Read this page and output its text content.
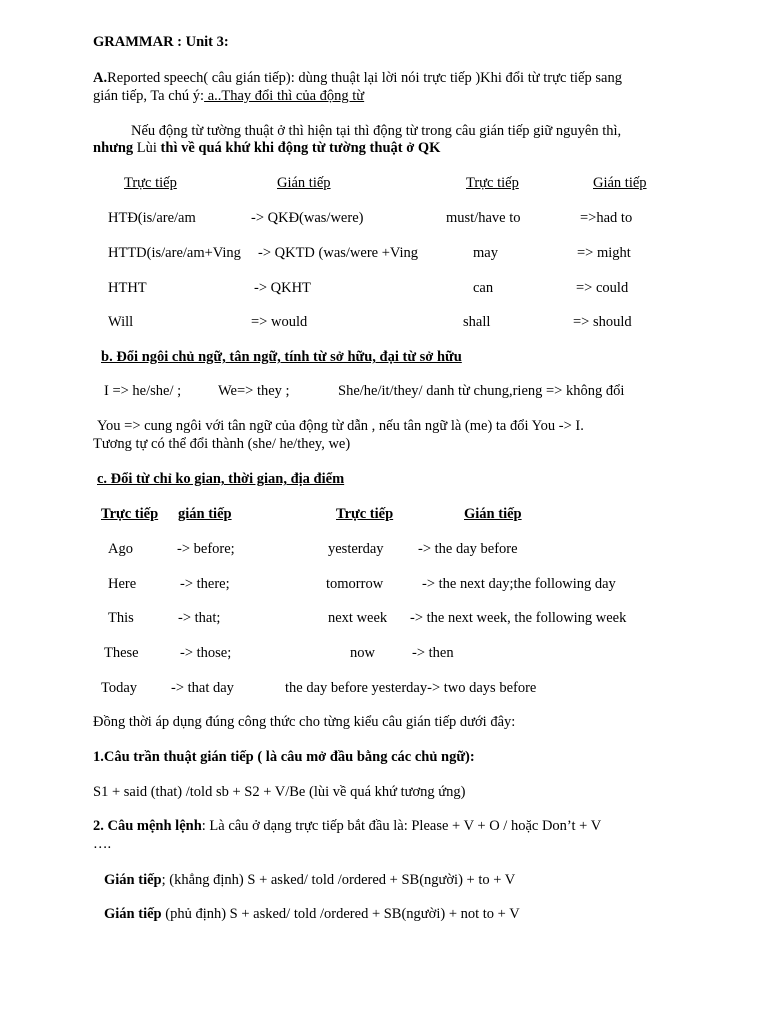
GRAMMAR : Unit 3:
A.Reported speech( câu gián tiếp): dùng thuật lại lời nói trực tiếp )Khi đổi từ trực tiếp sang
gián tiếp, Ta chú ý: a..Thay đổi thì của động từ
Nếu động từ tường thuật ở thì hiện tại thì động từ trong câu gián tiếp giữ nguyên thì,
nhưng Lùi thì về quá khứ khi động từ tường thuật ở QK
Trực tiếp	Gián tiếp	Trực tiếp	Gián tiếp
HTĐ(is/are/am	-> QKĐ(was/were)	must/have to	=>had to
HTTD(is/are/am+Ving -> QKTD (was/were +Ving	may	=> might
HTHT	-> QKHT	can	=> could
Will	=> would	shall	=> should
b. Đổi ngôi chủ ngữ, tân ngữ, tính từ sở hữu, đại từ sở hữu
I => he/she/ ;	We=> they ;	She/he/it/they/ danh từ chung,rieng => không đổi
You => cung ngôi với tân ngữ của động từ dẫn , nếu tân ngữ là (me) ta đổi You -> I.
Tương tự có thể đổi thành (she/ he/they, we)
c. Đổi từ chỉ ko gian, thời gian, địa điểm
Trực tiếp gián tiếp	Trực tiếp	Gián tiếp
Ago	-> before;	yesterday -> the day before
Here	-> there;	tomorrow	-> the next day;the following day
This	-> that;	next week -> the next week, the following week
These	-> those;	now	-> then
Today -> that day	the day before yesterday-> two days before
Đồng thời áp dụng đúng công thức cho từng kiểu câu gián tiếp dưới đây:
1.Câu trần thuật gián tiếp ( là câu mở đầu bằng các chủ ngữ):
S1 + said (that) /told sb + S2 + V/Be (lùi về quá khứ tương ứng)
2. Câu mệnh lệnh: Là câu ở dạng trực tiếp bắt đầu là: Please + V + O / hoặc Don’t + V
….
Gián tiếp; (khẳng định) S + asked/ told /ordered + SB(người) + to + V
Gián tiếp (phủ định) S + asked/ told /ordered + SB(người) + not to + V
